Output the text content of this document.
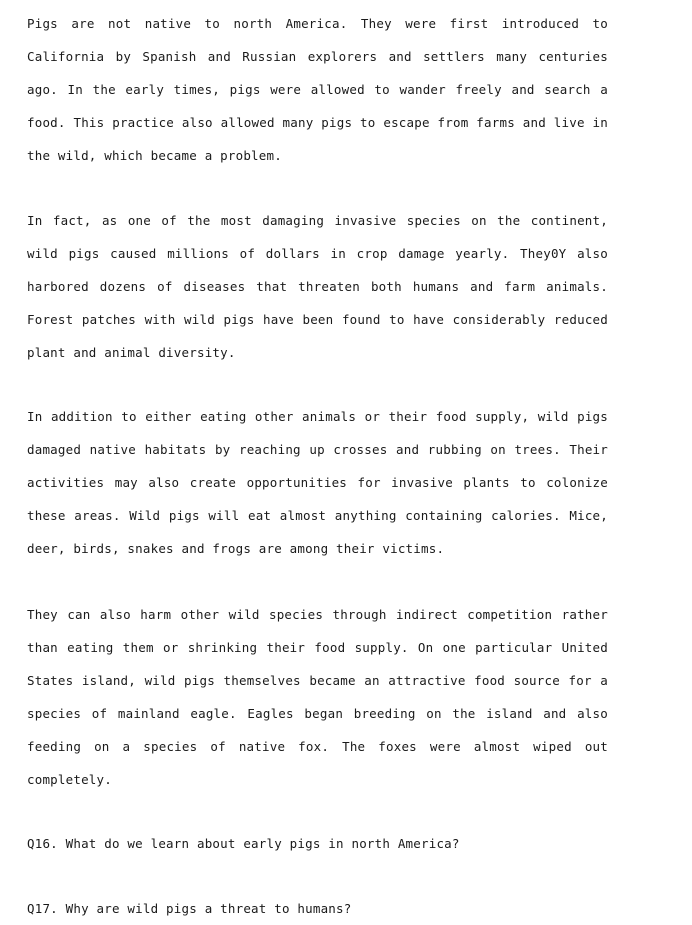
Pigs are not native to north America. They were first introduced to California by Spanish and Russian explorers and settlers many centuries ago. In the early times, pigs were allowed to wander freely and search a food. This practice also allowed many pigs to escape from farms and live in the wild, which became a problem.

In fact, as one of the most damaging invasive species on the continent, wild pigs caused millions of dollars in crop damage yearly. They0Y also harbored dozens of diseases that threaten both humans and farm animals. Forest patches with wild pigs have been found to have considerably reduced plant and animal diversity.

In addition to either eating other animals or their food supply, wild pigs damaged native habitats by reaching up crosses and rubbing on trees. Their activities may also create opportunities for invasive plants to colonize these areas. Wild pigs will eat almost anything containing calories. Mice, deer, birds, snakes and frogs are among their victims.

They can also harm other wild species through indirect competition rather than eating them or shrinking their food supply. On one particular United States island, wild pigs themselves became an attractive food source for a species of mainland eagle. Eagles began breeding on the island and also feeding on a species of native fox. The foxes were almost wiped out completely.

Q16. What do we learn about early pigs in north America?

Q17. Why are wild pigs a threat to humans?
